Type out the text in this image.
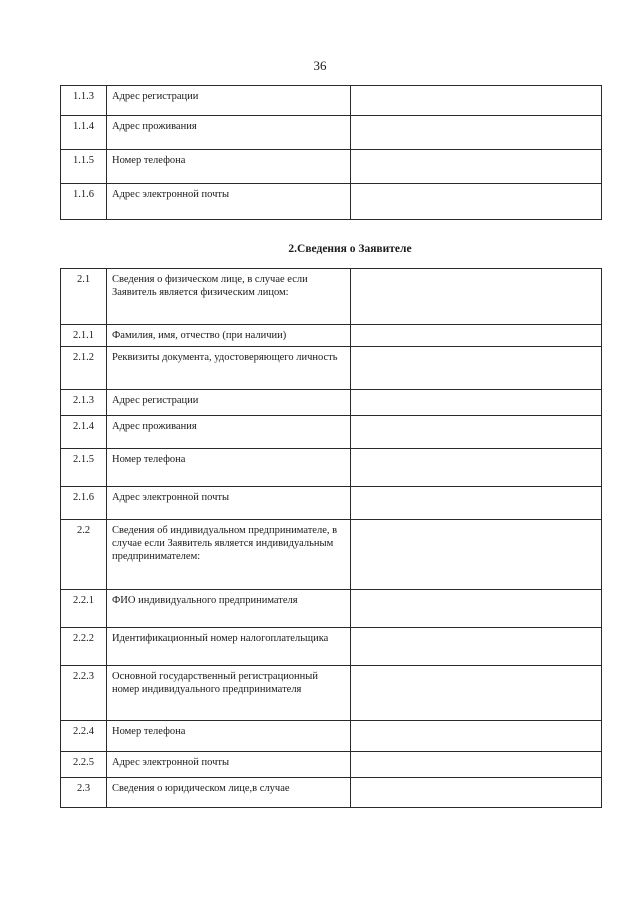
36
1.1.3	Адрес регистрации	
1.1.4	Адрес проживания	
1.1.5	Номер телефона	
1.1.6	Адрес электронной почты	
2.Сведения о Заявителе
2.1	Сведения о физическом лице, в случае если Заявитель является физическим лицом:	
2.1.1	Фамилия, имя, отчество (при наличии)	
2.1.2	Реквизиты документа, удостоверяющего личность	
2.1.3	Адрес регистрации	
2.1.4	Адрес проживания	
2.1.5	Номер телефона	
2.1.6	Адрес электронной почты	
2.2	Сведения об индивидуальном предпринимателе, в случае если Заявитель является индивидуальным предпринимателем:	
2.2.1	ФИО индивидуального предпринимателя	
2.2.2	Идентификационный номер налогоплательщика	
2.2.3	Основной государственный регистрационный номер индивидуального предпринимателя	
2.2.4	Номер телефона	
2.2.5	Адрес электронной почты	
2.3	Сведения о юридическом лице,в случае	
